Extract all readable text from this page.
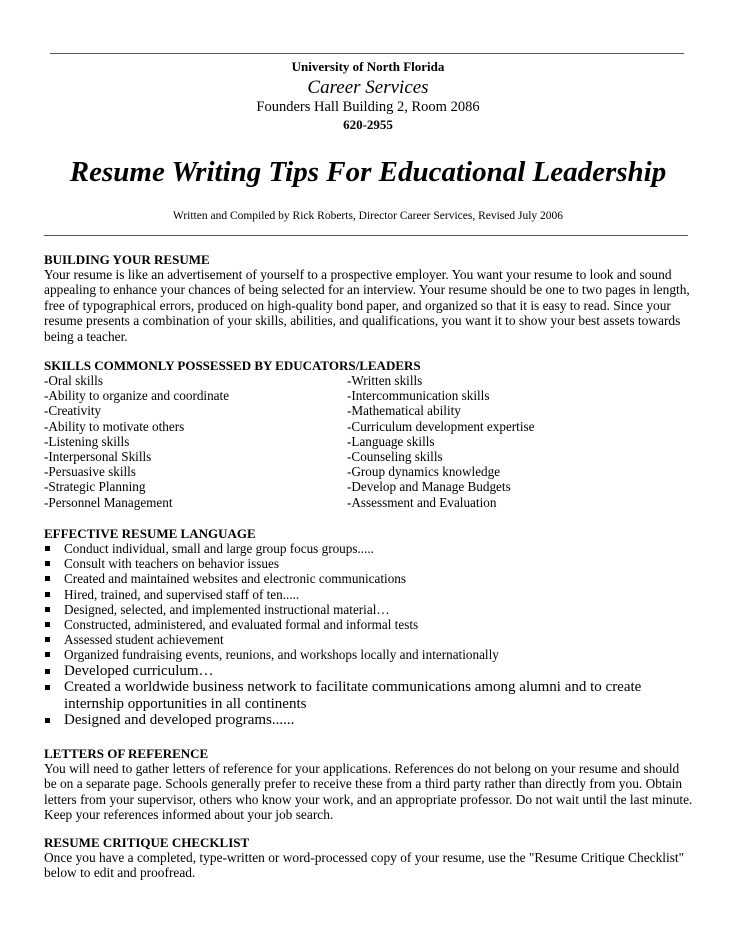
University of North Florida
Career Services
Founders Hall Building 2, Room 2086
620-2955
Resume Writing Tips For Educational Leadership
Written and Compiled by Rick Roberts, Director Career Services, Revised July 2006
BUILDING YOUR RESUME
Your resume is like an advertisement of yourself to a prospective employer. You want your resume to look and sound appealing to enhance your chances of being selected for an interview. Your resume should be one to two pages in length, free of typographical errors, produced on high-quality bond paper, and organized so that it is easy to read. Since your resume presents a combination of your skills, abilities, and qualifications, you want it to show your best assets towards being a teacher.
SKILLS COMMONLY POSSESSED BY EDUCATORS/LEADERS
-Oral skills
-Ability to organize and coordinate
-Creativity
-Ability to motivate others
-Listening skills
-Interpersonal Skills
-Persuasive skills
-Strategic Planning
-Personnel Management
-Written skills
-Intercommunication skills
-Mathematical ability
-Curriculum development expertise
-Language skills
-Counseling skills
-Group dynamics knowledge
-Develop and Manage Budgets
-Assessment and Evaluation
EFFECTIVE RESUME LANGUAGE
Conduct individual, small and large group focus groups.....
Consult with teachers on behavior issues
Created and maintained websites and electronic communications
Hired, trained, and supervised staff of ten.....
Designed, selected, and implemented instructional material…
Constructed, administered, and evaluated formal and informal tests
Assessed student achievement
Organized fundraising events, reunions, and workshops locally and internationally
Developed curriculum…
Created a worldwide business network to facilitate communications among alumni and to create internship opportunities in all continents
Designed and developed programs......
LETTERS OF REFERENCE
You will need to gather letters of reference for your applications. References do not belong on your resume and should be on a separate page. Schools generally prefer to receive these from a third party rather than directly from you. Obtain letters from your supervisor, others who know your work, and an appropriate professor. Do not wait until the last minute. Keep your references informed about your job search.
RESUME CRITIQUE CHECKLIST
Once you have a completed, type-written or word-processed copy of your resume, use the "Resume Critique Checklist" below to edit and proofread.
